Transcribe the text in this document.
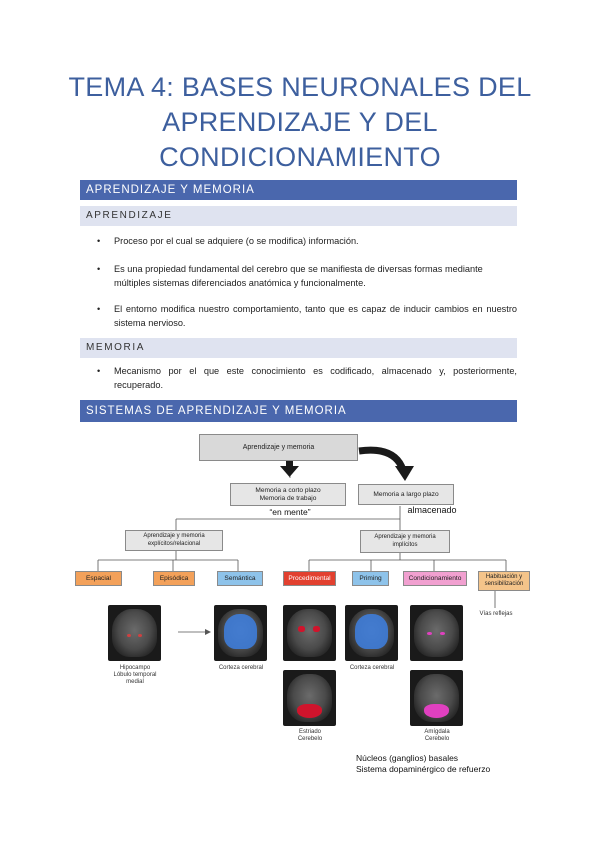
TEMA 4: BASES NEURONALES DEL APRENDIZAJE Y DEL CONDICIONAMIENTO
APRENDIZAJE Y MEMORIA
APRENDIZAJE
• Proceso por el cual se adquiere (o se modifica) información.
• Es una propiedad fundamental del cerebro que se manifiesta de diversas formas mediante múltiples sistemas diferenciados anatómica y funcionalmente.
• El entorno modifica nuestro comportamiento, tanto que es capaz de inducir cambios en nuestro sistema nervioso.
MEMORIA
• Mecanismo por el que este conocimiento es codificado, almacenado y, posteriormente, recuperado.
SISTEMAS DE APRENDIZAJE Y MEMORIA
Aprendizaje y memoria
Memoria a corto plazo
Memoria de trabajo
“en mente”
Memoria a largo plazo
almacenado
Aprendizaje y memoria
explícitos/relacional
Aprendizaje y memoria
implícitos
Espacial	Episódica	Semántica	Procedimental	Priming	Condicionamiento	Habituación y
sensibilización
Vías reflejas
Hipocampo
Lóbulo temporal
medial
Corteza cerebral	Corteza cerebral
Estriado
Cerebelo
Amígdala
Cerebelo
Núcleos (ganglios) basales
Sistema dopaminérgico de refuerzo
